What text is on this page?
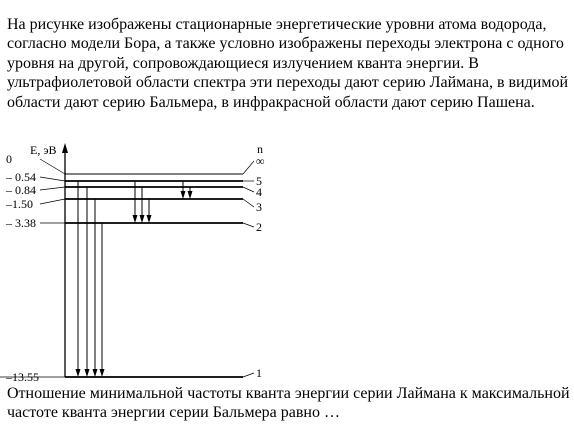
На рисунке изображены стационарные энергетические уровни атома водорода, согласно модели Бора, а также условно изображены переходы электрона с одного уровня на другой, сопровождающиеся излучением кванта энергии. В ультрафиолетовой области спектра эти переходы дают серию Лаймана, в видимой области дают серию Бальмера, в инфракрасной области дают серию Пашена.

E, эВ	n
0	∞
– 0.54	5
– 0.84	4
–1.50	3
– 3.38	2
–13.55	1

Отношение минимальной частоты кванта энергии серии Лаймана к максимальной частоте кванта энергии серии Бальмера равно …
